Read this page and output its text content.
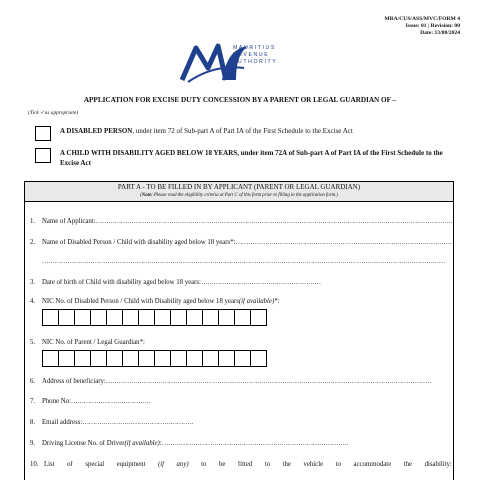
MRA/CUS/ASS/MVC/FORM 4
Issue: 01 | Revision: 00
Date: 13/08/2024
MAURITIUS
REVENUE
AUTHORITY
APPLICATION FOR EXCISE DUTY CONCESSION BY A PARENT OR LEGAL GUARDIAN OF –
(Tick ✓as appropriate)
A DISABLED PERSON, under item 72 of Sub-part A of Part IA of the First Schedule to the Excise Act
A CHILD WITH DISABILITY AGED BELOW 18 YEARS, under item 72A of Sub-part A of Part IA of the First Schedule to the Excise Act
PART A - TO BE FILLED IN BY APPLICANT (PARENT OR LEGAL GUARDIAN)
(Note: Please read the eligibility criteria at Part C of this form prior to filling in the application form.)
1.	Name of Applicant:
…………………………………………………………………………………………………………………………………………………………………………
2.	Name of Disabled Person / Child with disability aged below 18 years*:
…………………………………………………………………………………………………………………………………………………………………………
…………………………………………………………………………………………………………………………………………………………………………
3.	Date of birth of Child with disability aged below 18 years:
…………………………………………………………………………………………………………………………………………………………………………
4.	NIC No. of Disabled Person / Child with Disability aged below 18 years (if available) *:
5.	NIC No. of Parent / Legal Guardian*:
6.	Address of beneficiary:
…………………………………………………………………………………………………………………………………………………………………………
7.	Phone No:
…………………………………………………………………………………………………………………………………………………………………………
8.	Email address:
…………………………………………………………………………………………………………………………………………………………………………
9.	Driving License No. of Driver (if available) :
…………………………………………………………………………………………………………………………………………………………………………
10. List of special equipment (if any) to be fitted to the vehicle to accommodate the disability:
